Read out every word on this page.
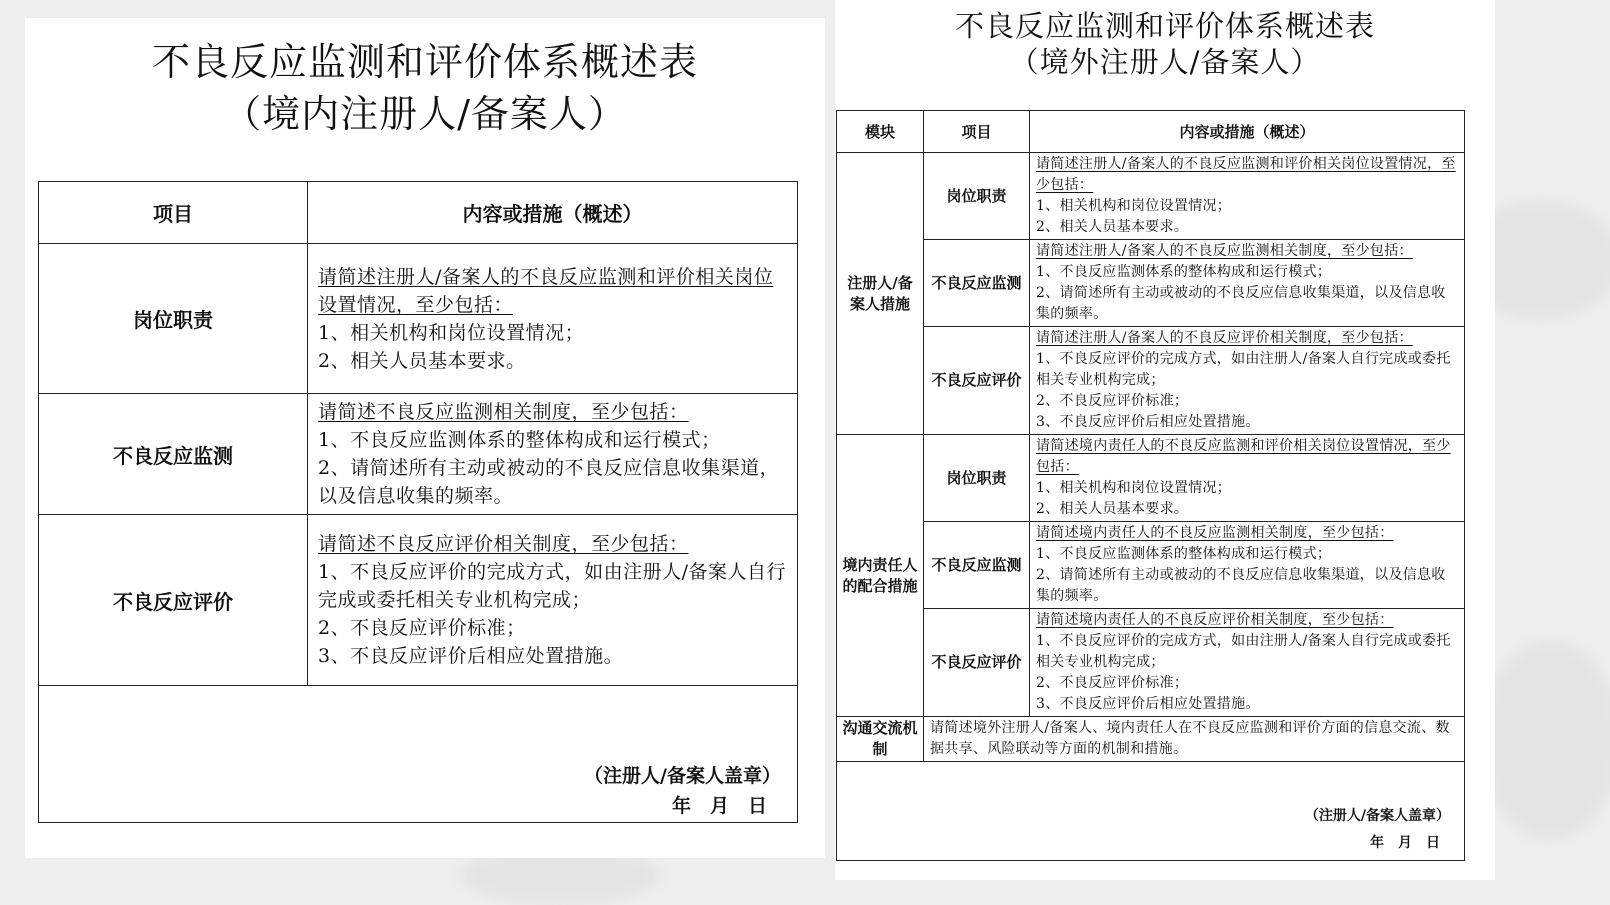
不良反应监测和评价体系概述表
（境内注册人/备案人）
项目	内容或措施（概述）
岗位职责	请简述注册人/备案人的不良反应监测和评价相关岗位设置情况，至少包括：
1、相关机构和岗位设置情况；
2、相关人员基本要求。

不良反应监测	请简述不良反应监测相关制度，至少包括：
1、不良反应监测体系的整体构成和运行模式；
2、请简述所有主动或被动的不良反应信息收集渠道，以及信息收集的频率。

不良反应评价	请简述不良反应评价相关制度，至少包括：
1、不良反应评价的完成方式，如由注册人/备案人自行完成或委托相关专业机构完成；
2、不良反应评价标准；
3、不良反应评价后相应处置措施。

（注册人/备案人盖章）
年　月　日	
不良反应监测和评价体系概述表
（境外注册人/备案人）
模块	项目	内容或措施（概述）
注册人/备案人措施	岗位职责	请简述注册人/备案人的不良反应监测和评价相关岗位设置情况，至少包括：
1、相关机构和岗位设置情况；
2、相关人员基本要求。

	不良反应监测	请简述注册人/备案人的不良反应监测相关制度，至少包括：
1、不良反应监测体系的整体构成和运行模式；
2、请简述所有主动或被动的不良反应信息收集渠道，以及信息收集的频率。

	不良反应评价	请简述注册人/备案人的不良反应评价相关制度，至少包括：
1、不良反应评价的完成方式，如由注册人/备案人自行完成或委托相关专业机构完成；
2、不良反应评价标准；
3、不良反应评价后相应处置措施。

境内责任人的配合措施	岗位职责	请简述境内责任人的不良反应监测和评价相关岗位设置情况，至少包括：
1、相关机构和岗位设置情况；
2、相关人员基本要求。

	不良反应监测	请简述境内责任人的不良反应监测相关制度，至少包括：
1、不良反应监测体系的整体构成和运行模式；
2、请简述所有主动或被动的不良反应信息收集渠道，以及信息收集的频率。

	不良反应评价	请简述境内责任人的不良反应评价相关制度，至少包括：
1、不良反应评价的完成方式，如由注册人/备案人自行完成或委托相关专业机构完成；
2、不良反应评价标准；
3、不良反应评价后相应处置措施。

沟通交流机制	请简述境外注册人/备案人、境内责任人在不良反应监测和评价方面的信息交流、数据共享、风险联动等方面的机制和措施。	

（注册人/备案人盖章）
年　月　日		
